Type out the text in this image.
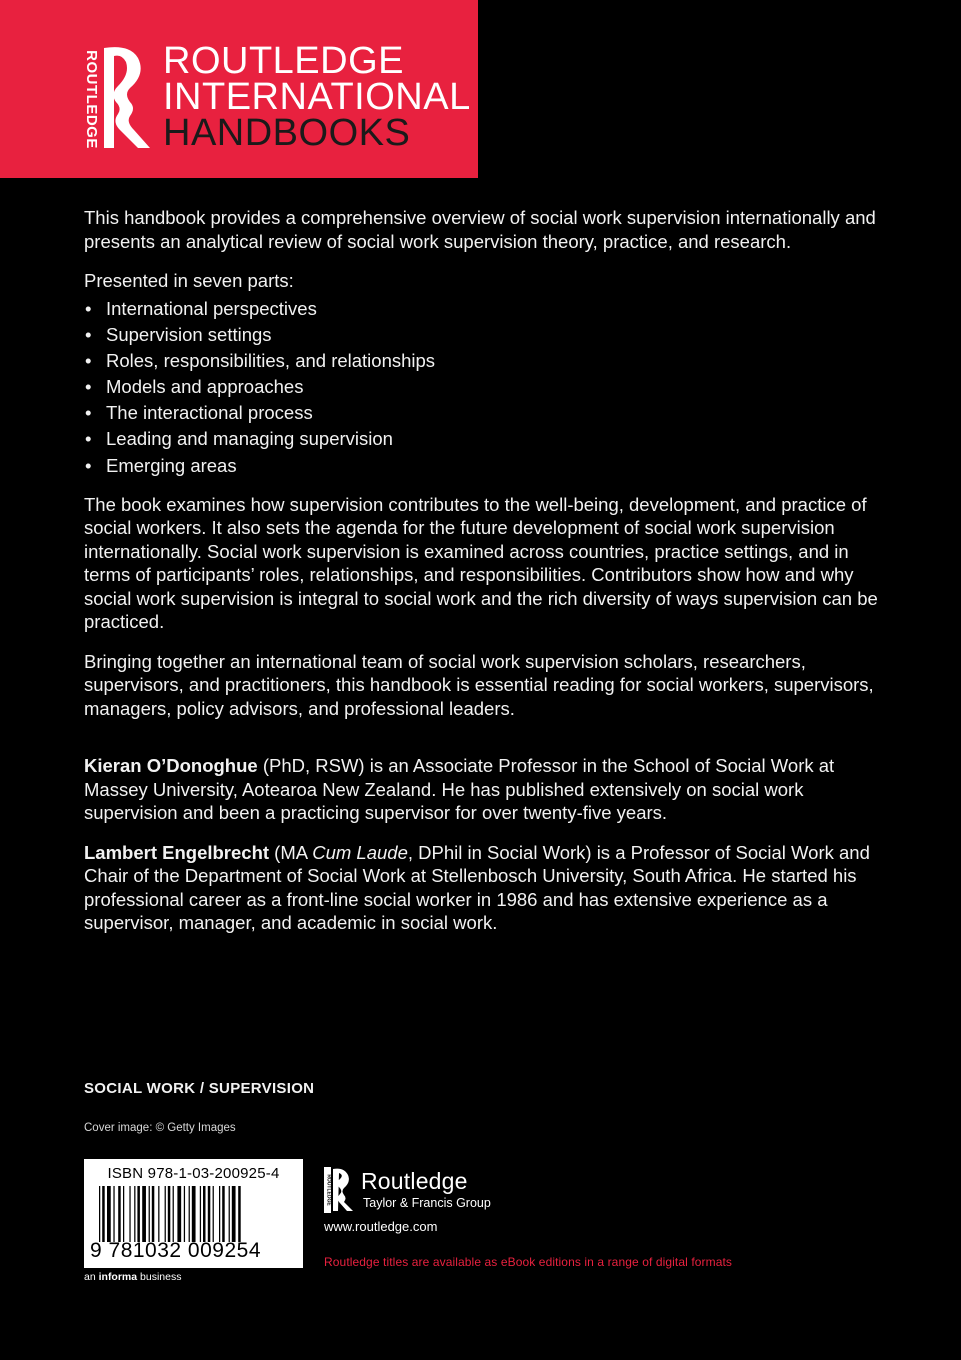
ROUTLEDGE ROUTLEDGE
INTERNATIONAL
HANDBOOKS

This handbook provides a comprehensive overview of social work supervision internationally and presents an analytical review of social work supervision theory, practice, and research.

Presented in seven parts:

• International perspectives
• Supervision settings
• Roles, responsibilities, and relationships
• Models and approaches
• The interactional process
• Leading and managing supervision
• Emerging areas

The book examines how supervision contributes to the well-being, development, and practice of social workers. It also sets the agenda for the future development of social work supervision internationally. Social work supervision is examined across countries, practice settings, and in terms of participants’ roles, relationships, and responsibilities. Contributors show how and why social work supervision is integral to social work and the rich diversity of ways supervision can be practiced.

Bringing together an international team of social work supervision scholars, researchers, supervisors, and practitioners, this handbook is essential reading for social workers, supervisors, managers, policy advisors, and professional leaders.

Kieran O’Donoghue (PhD, RSW) is an Associate Professor in the School of Social Work at Massey University, Aotearoa New Zealand. He has published extensively on social work supervision and been a practicing supervisor for over twenty-five years.

Lambert Engelbrecht (MA Cum Laude, DPhil in Social Work) is a Professor of Social Work and Chair of the Department of Social Work at Stellenbosch University, South Africa. He started his professional career as a front-line social worker in 1986 and has extensive experience as a supervisor, manager, and academic in social work.

SOCIAL WORK / SUPERVISION
Cover image: © Getty Images
ISBN 978-1-03-200925-4
9 781032 009254
an informa business
ROUTLEDGE Routledge
Taylor & Francis Group
www.routledge.com
Routledge titles are available as eBook editions in a range of digital formats
